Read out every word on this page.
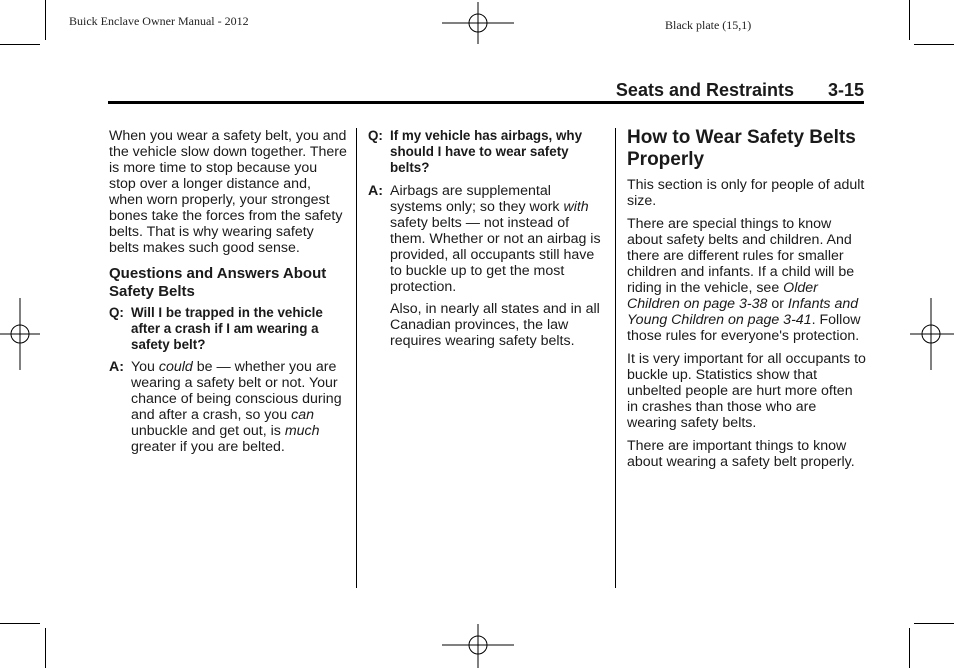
Buick Enclave Owner Manual - 2012	Black plate (15,1)
Seats and Restraints 3-15

When you wear a safety belt, you and the vehicle slow down together. There is more time to stop because you stop over a longer distance and, when worn properly, your strongest bones take the forces from the safety belts. That is why wearing safety belts makes such good sense.

Questions and Answers About Safety Belts
Q: Will I be trapped in the vehicle after a crash if I am wearing a safety belt?
A: You could be — whether you are wearing a safety belt or not. Your chance of being conscious during and after a crash, so you can unbuckle and get out, is much greater if you are belted.
Q: If my vehicle has airbags, why should I have to wear safety belts?
A: Airbags are supplemental systems only; so they work with safety belts — not instead of them. Whether or not an airbag is provided, all occupants still have to buckle up to get the most protection.

Also, in nearly all states and in all Canadian provinces, the law requires wearing safety belts.

How to Wear Safety Belts Properly

This section is only for people of adult size.

There are special things to know about safety belts and children. And there are different rules for smaller children and infants. If a child will be riding in the vehicle, see Older Children on page 3-38 or Infants and Young Children on page 3-41. Follow those rules for everyone's protection.

It is very important for all occupants to buckle up. Statistics show that unbelted people are hurt more often in crashes than those who are wearing safety belts.

There are important things to know about wearing a safety belt properly.
